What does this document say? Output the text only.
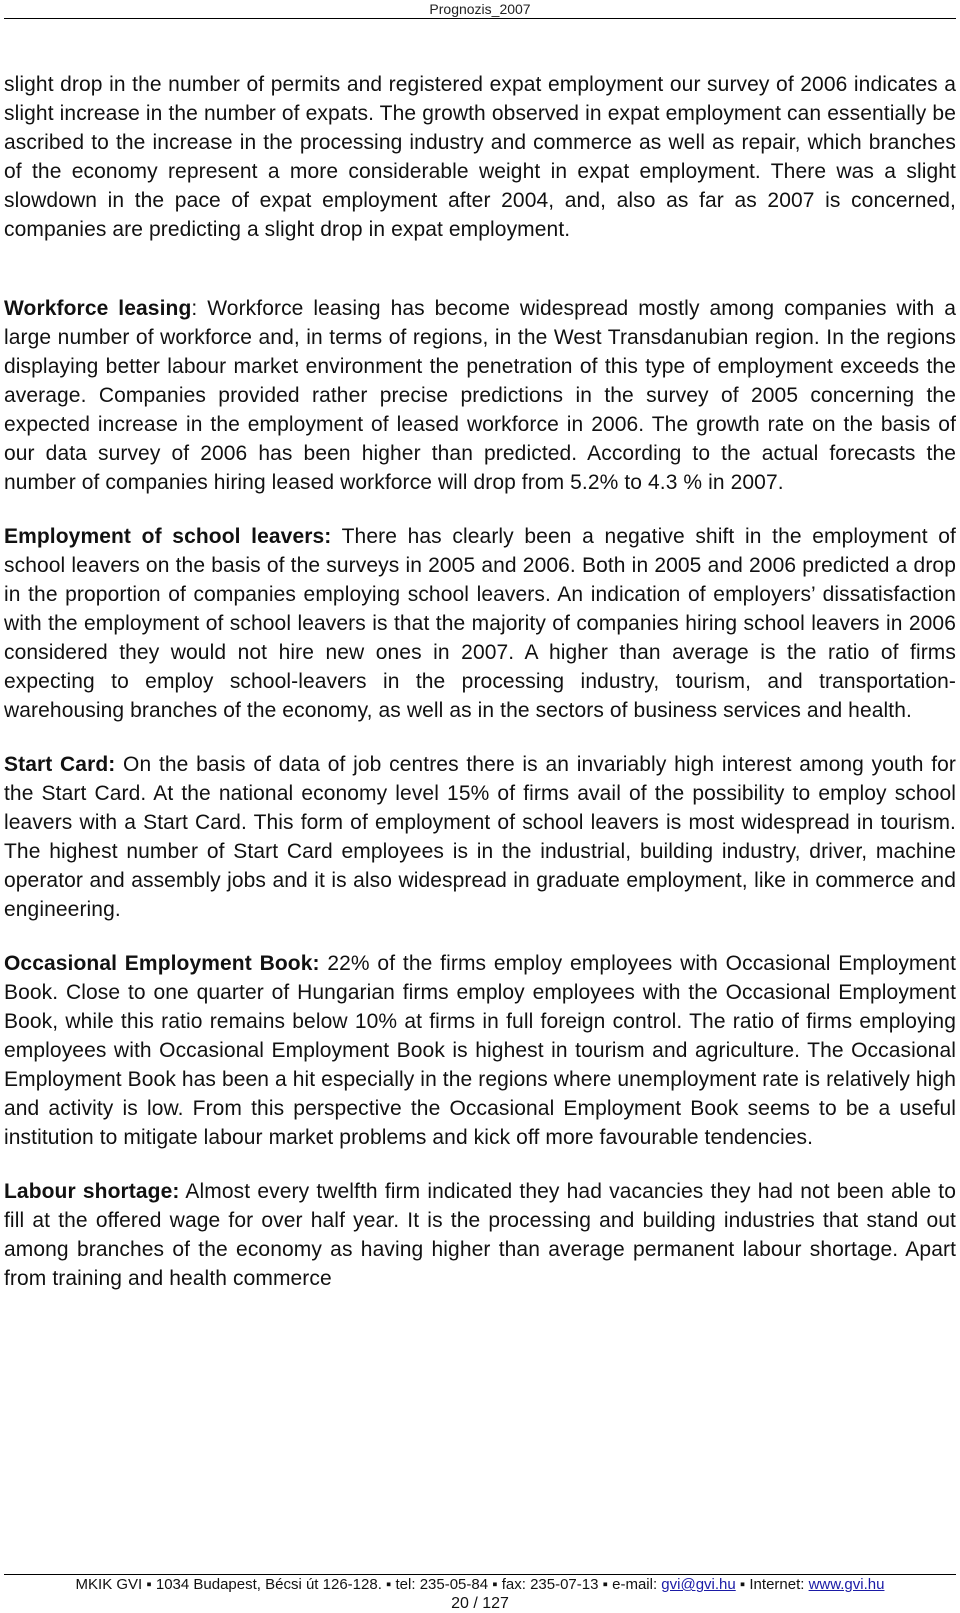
Prognozis_2007

slight drop in the number of permits and registered expat employment our survey of 2006 indicates a slight increase in the number of expats. The growth observed in expat employment can essentially be ascribed to the increase in the processing industry and commerce as well as repair, which branches of the economy represent a more considerable weight in expat employment. There was a slight slowdown in the pace of expat employment after 2004, and, also as far as 2007 is concerned, companies are predicting a slight drop in expat employment.

Workforce leasing: Workforce leasing has become widespread mostly among companies with a large number of workforce and, in terms of regions, in the West Transdanubian region. In the regions displaying better labour market environment the penetration of this type of employment exceeds the average. Companies provided rather precise predictions in the survey of 2005 concerning the expected increase in the employment of leased workforce in 2006. The growth rate on the basis of our data survey of 2006 has been higher than predicted. According to the actual forecasts the number of companies hiring leased workforce will drop from 5.2% to 4.3 % in 2007.

Employment of school leavers: There has clearly been a negative shift in the employment of school leavers on the basis of the surveys in 2005 and 2006. Both in 2005 and 2006 predicted a drop in the proportion of companies employing school leavers. An indication of employers’ dissatisfaction with the employment of school leavers is that the majority of companies hiring school leavers in 2006 considered they would not hire new ones in 2007. A higher than average is the ratio of firms expecting to employ school-leavers in the processing industry, tourism, and transportation-warehousing branches of the economy, as well as in the sectors of business services and health.

Start Card: On the basis of data of job centres there is an invariably high interest among youth for the Start Card. At the national economy level 15% of firms avail of the possibility to employ school leavers with a Start Card. This form of employment of school leavers is most widespread in tourism. The highest number of Start Card employees is in the industrial, building industry, driver, machine operator and assembly jobs and it is also widespread in graduate employment, like in commerce and engineering.

Occasional Employment Book: 22% of the firms employ employees with Occasional Employment Book. Close to one quarter of Hungarian firms employ employees with the Occasional Employment Book, while this ratio remains below 10% at firms in full foreign control. The ratio of firms employing employees with Occasional Employment Book is highest in tourism and agriculture. The Occasional Employment Book has been a hit especially in the regions where unemployment rate is relatively high and activity is low. From this perspective the Occasional Employment Book seems to be a useful institution to mitigate labour market problems and kick off more favourable tendencies.

Labour shortage: Almost every twelfth firm indicated they had vacancies they had not been able to fill at the offered wage for over half year. It is the processing and building industries that stand out among branches of the economy as having higher than average permanent labour shortage. Apart from training and health commerce

MKIK GVI ▪ 1034 Budapest, Bécsi út 126-128. ▪ tel: 235-05-84 ▪ fax: 235-07-13 ▪ e-mail: gvi@gvi.hu ▪ Internet: www.gvi.hu
20 / 127
